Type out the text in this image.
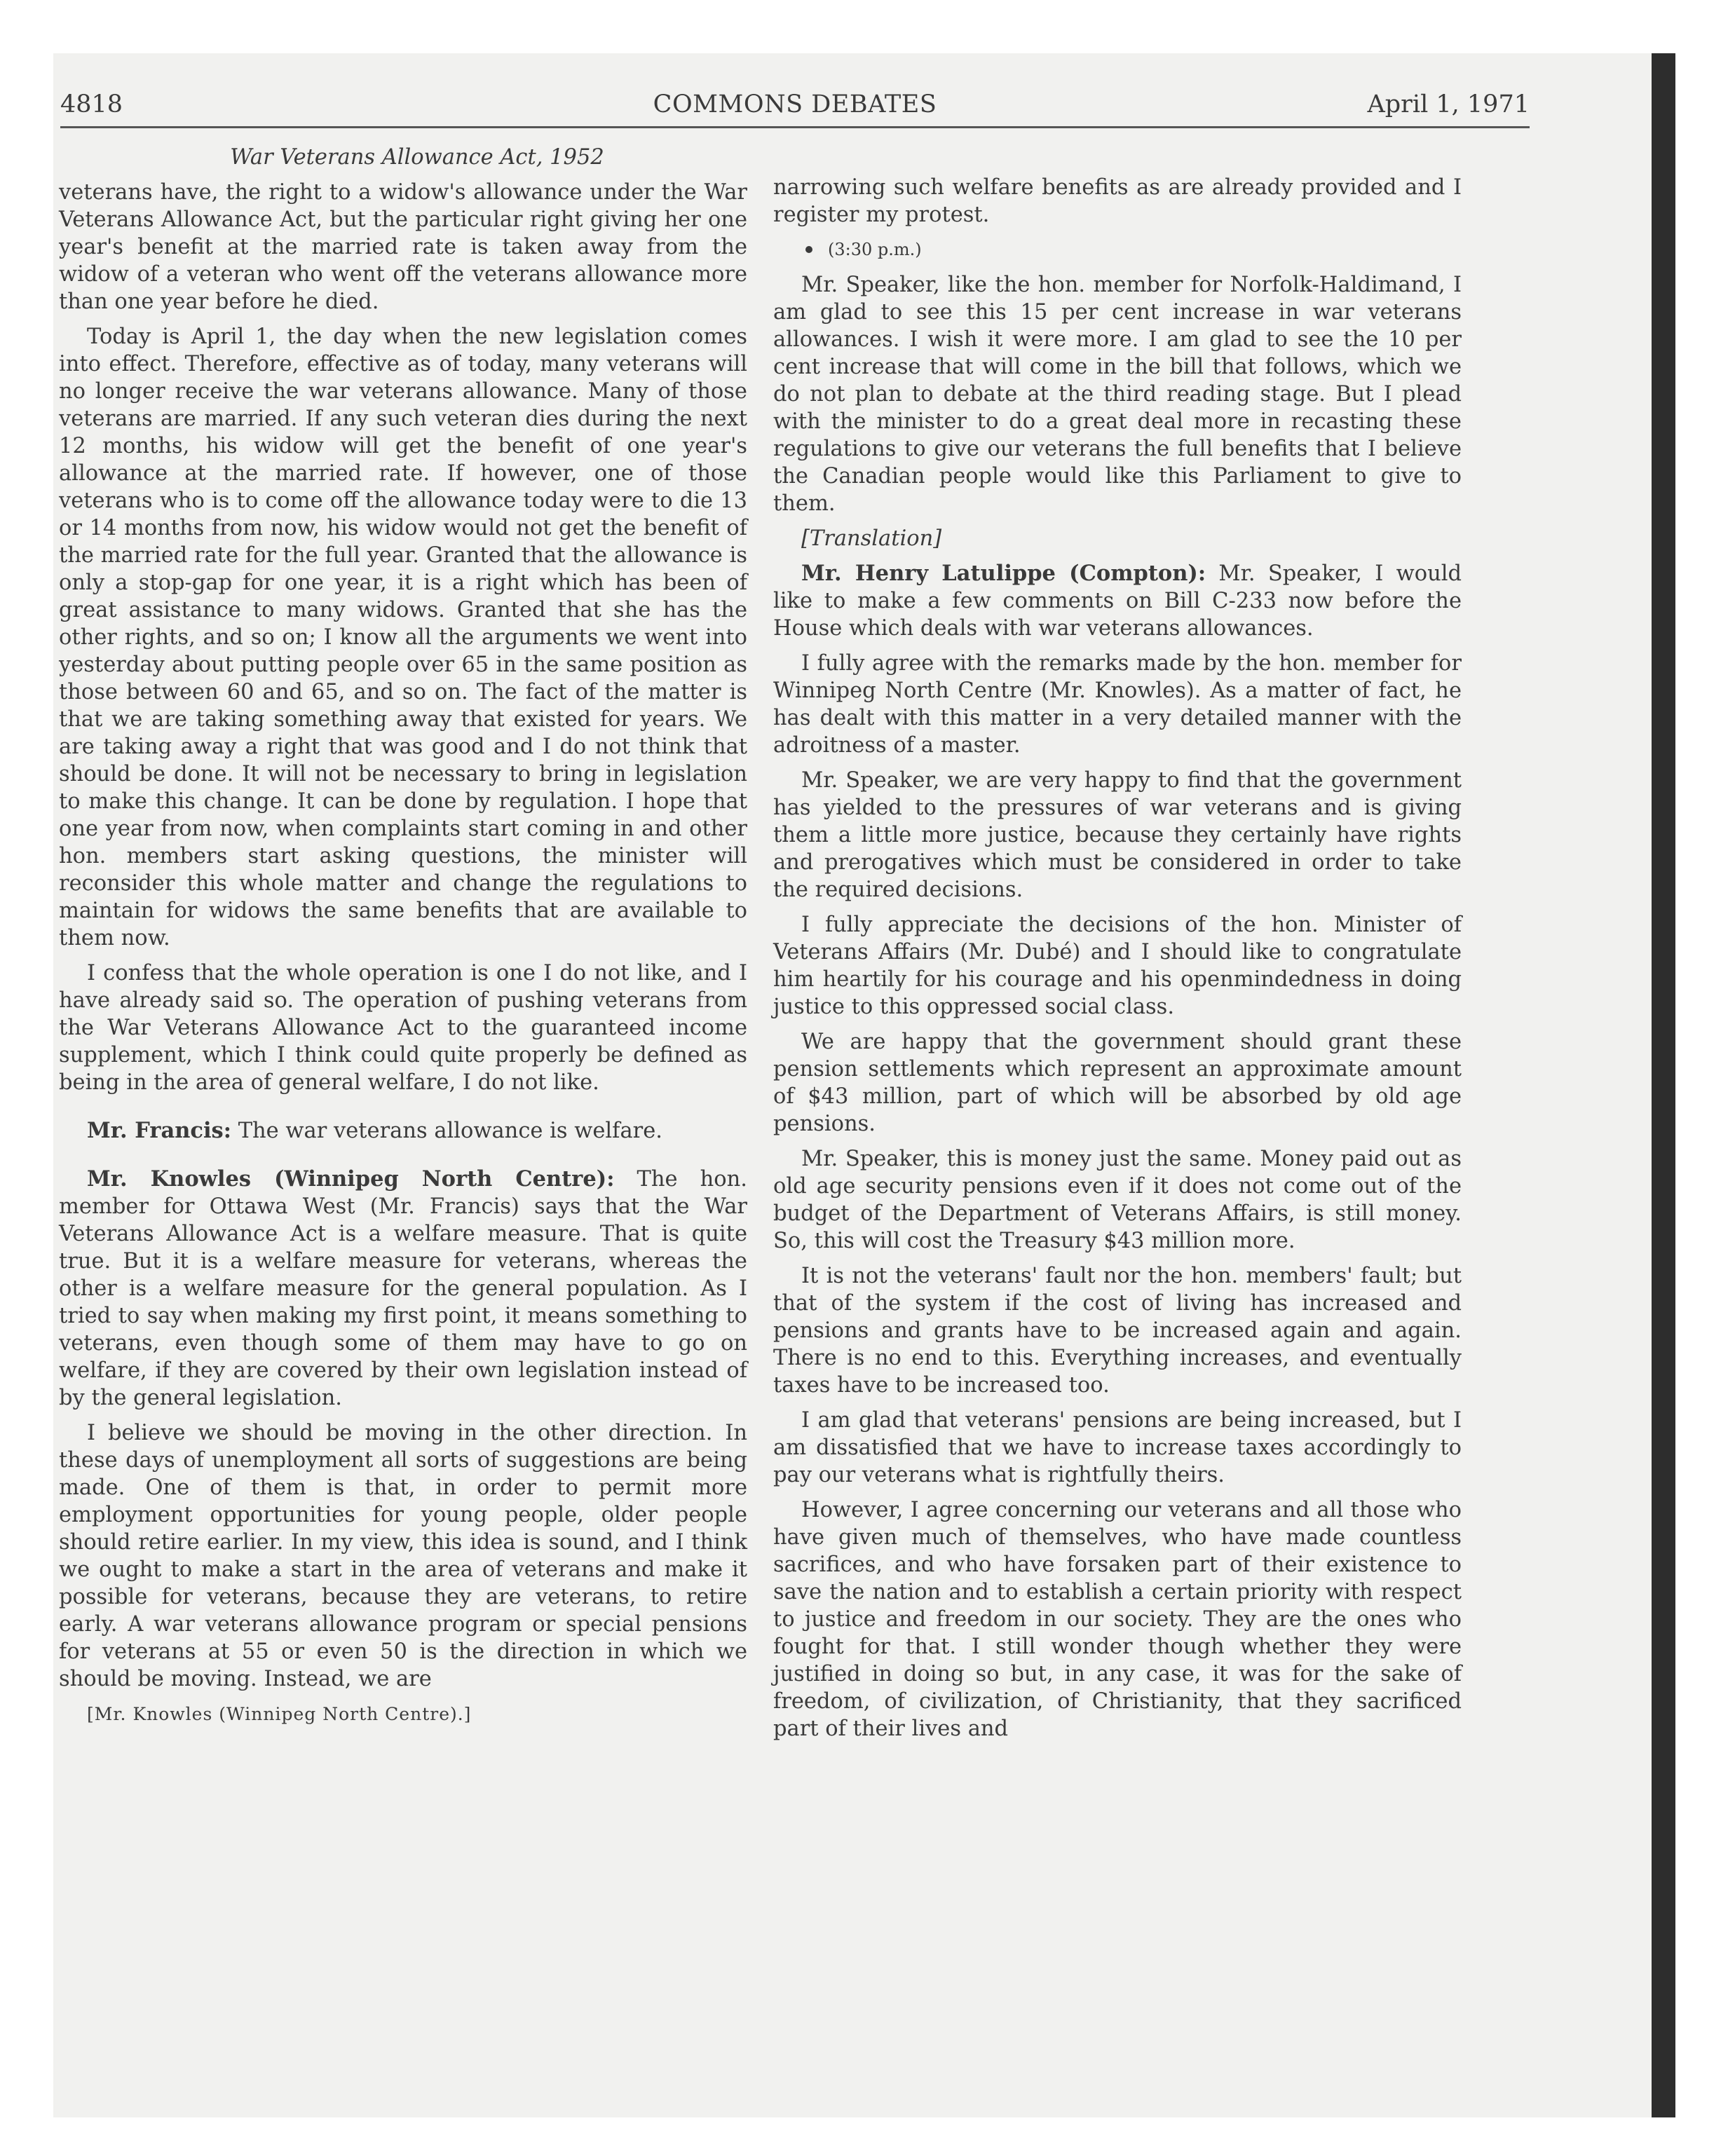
4818	COMMONS DEBATES	April 1, 1971

War Veterans Allowance Act, 1952

veterans have, the right to a widow's allowance under the War Veterans Allowance Act, but the particular right giving her one year's benefit at the married rate is taken away from the widow of a veteran who went off the veterans allowance more than one year before he died.

Today is April 1, the day when the new legislation comes into effect. Therefore, effective as of today, many veterans will no longer receive the war veterans allowance. Many of those veterans are married. If any such veteran dies during the next 12 months, his widow will get the benefit of one year's allowance at the married rate. If however, one of those veterans who is to come off the allowance today were to die 13 or 14 months from now, his widow would not get the benefit of the married rate for the full year. Granted that the allowance is only a stop-gap for one year, it is a right which has been of great assistance to many widows. Granted that she has the other rights, and so on; I know all the arguments we went into yesterday about putting people over 65 in the same position as those between 60 and 65, and so on. The fact of the matter is that we are taking something away that existed for years. We are taking away a right that was good and I do not think that should be done. It will not be necessary to bring in legislation to make this change. It can be done by regulation. I hope that one year from now, when complaints start coming in and other hon. members start asking questions, the minister will reconsider this whole matter and change the regulations to maintain for widows the same benefits that are available to them now.

I confess that the whole operation is one I do not like, and I have already said so. The operation of pushing veterans from the War Veterans Allowance Act to the guaranteed income supplement, which I think could quite properly be defined as being in the area of general welfare, I do not like.

Mr. Francis: The war veterans allowance is welfare.

Mr. Knowles (Winnipeg North Centre): The hon. member for Ottawa West (Mr. Francis) says that the War Veterans Allowance Act is a welfare measure. That is quite true. But it is a welfare measure for veterans, whereas the other is a welfare measure for the general population. As I tried to say when making my first point, it means something to veterans, even though some of them may have to go on welfare, if they are covered by their own legislation instead of by the general legislation.

I believe we should be moving in the other direction. In these days of unemployment all sorts of suggestions are being made. One of them is that, in order to permit more employment opportunities for young people, older people should retire earlier. In my view, this idea is sound, and I think we ought to make a start in the area of veterans and make it possible for veterans, because they are veterans, to retire early. A war veterans allowance program or special pensions for veterans at 55 or even 50 is the direction in which we should be moving. Instead, we are

[Mr. Knowles (Winnipeg North Centre).]

narrowing such welfare benefits as are already provided and I register my protest.

(3:30 p.m.)

Mr. Speaker, like the hon. member for Norfolk-Haldimand, I am glad to see this 15 per cent increase in war veterans allowances. I wish it were more. I am glad to see the 10 per cent increase that will come in the bill that follows, which we do not plan to debate at the third reading stage. But I plead with the minister to do a great deal more in recasting these regulations to give our veterans the full benefits that I believe the Canadian people would like this Parliament to give to them.

[Translation]

Mr. Henry Latulippe (Compton): Mr. Speaker, I would like to make a few comments on Bill C-233 now before the House which deals with war veterans allowances.

I fully agree with the remarks made by the hon. member for Winnipeg North Centre (Mr. Knowles). As a matter of fact, he has dealt with this matter in a very detailed manner with the adroitness of a master.

Mr. Speaker, we are very happy to find that the government has yielded to the pressures of war veterans and is giving them a little more justice, because they certainly have rights and prerogatives which must be considered in order to take the required decisions.

I fully appreciate the decisions of the hon. Minister of Veterans Affairs (Mr. Dubé) and I should like to congratulate him heartily for his courage and his openmindedness in doing justice to this oppressed social class.

We are happy that the government should grant these pension settlements which represent an approximate amount of $43 million, part of which will be absorbed by old age pensions.

Mr. Speaker, this is money just the same. Money paid out as old age security pensions even if it does not come out of the budget of the Department of Veterans Affairs, is still money. So, this will cost the Treasury $43 million more.

It is not the veterans' fault nor the hon. members' fault; but that of the system if the cost of living has increased and pensions and grants have to be increased again and again. There is no end to this. Everything increases, and eventually taxes have to be increased too.

I am glad that veterans' pensions are being increased, but I am dissatisfied that we have to increase taxes accordingly to pay our veterans what is rightfully theirs.

However, I agree concerning our veterans and all those who have given much of themselves, who have made countless sacrifices, and who have forsaken part of their existence to save the nation and to establish a certain priority with respect to justice and freedom in our society. They are the ones who fought for that. I still wonder though whether they were justified in doing so but, in any case, it was for the sake of freedom, of civilization, of Christianity, that they sacrificed part of their lives and
